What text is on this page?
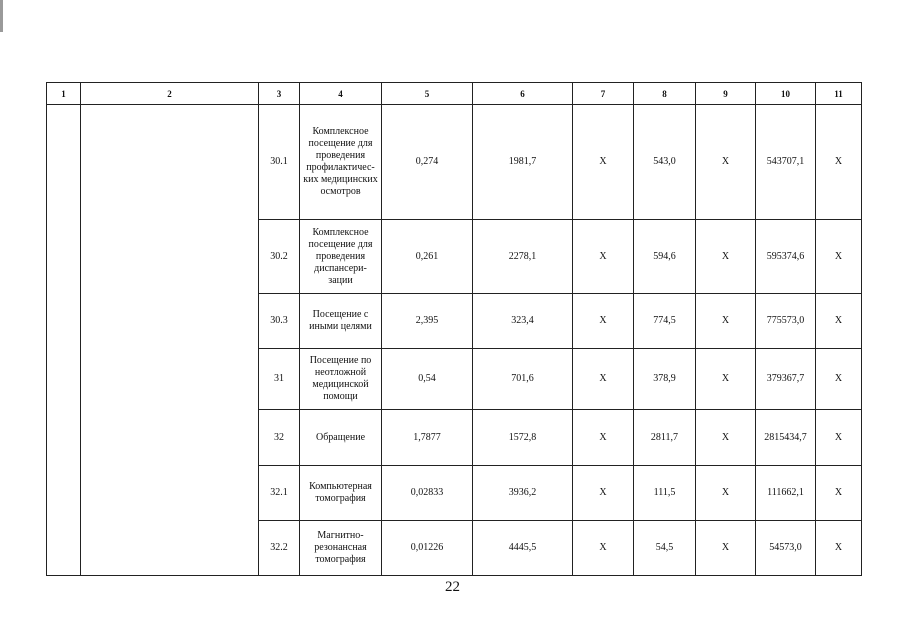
1	2	3	4	5	6	7	8	9	10	11
		30.1	Комплексное посещение для проведения профилактичес-ких медицинских осмотров	0,274	1981,7	Х	543,0	Х	543707,1	Х
		30.2	Комплексное посещение для проведения диспансери-зации	0,261	2278,1	Х	594,6	Х	595374,6	Х
		30.3	Посещение с иными целями	2,395	323,4	Х	774,5	Х	775573,0	Х
		31	Посещение по неотложной медицинской помощи	0,54	701,6	Х	378,9	Х	379367,7	Х
		32	Обращение	1,7877	1572,8	Х	2811,7	Х	2815434,7	Х
		32.1	Компьютерная томография	0,02833	3936,2	Х	111,5	Х	111662,1	Х
		32.2	Магнитно-резонансная томография	0,01226	4445,5	Х	54,5	Х	54573,0	Х
22
